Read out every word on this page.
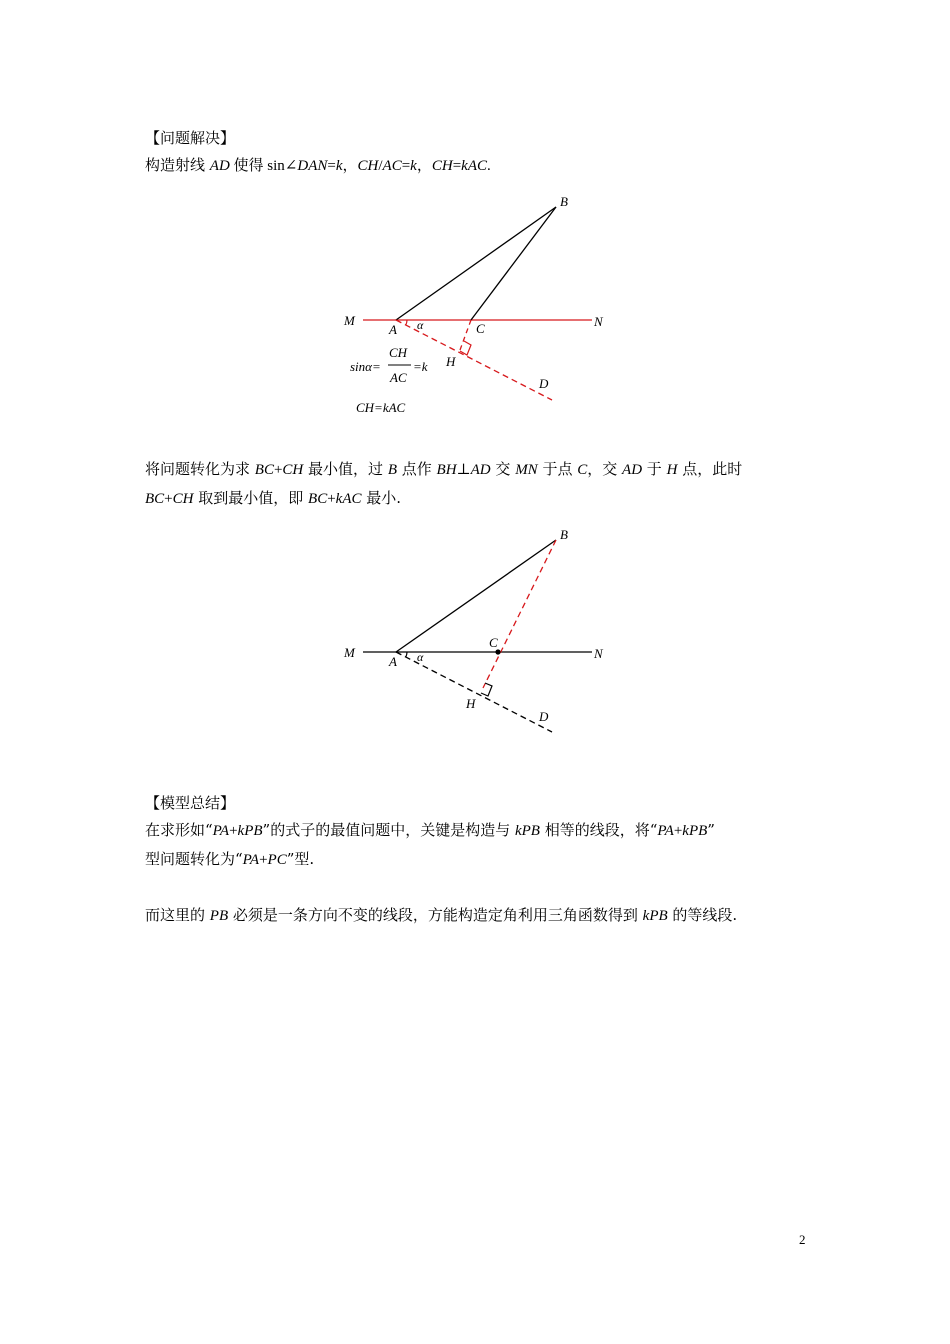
【问题解决】
构造射线 AD 使得 sin∠DAN=k，CH/AC=k，CH=kAC.
B
M	N
A α	C
H
D
sinα=
CH
AC
=k
CH=kAC
将问题转化为求 BC+CH 最小值，过 B 点作 BH⊥AD 交 MN 于点 C，交 AD 于 H 点，此时
BC+CH 取到最小值，即 BC+kAC 最小.
B
M	N
A α
C
H
D
【模型总结】
在求形如“PA+kPB”的式子的最值问题中，关键是构造与 kPB 相等的线段，将“PA+kPB”
型问题转化为“PA+PC”型.
而这里的 PB 必须是一条方向不变的线段，方能构造定角利用三角函数得到 kPB 的等线段.
2
